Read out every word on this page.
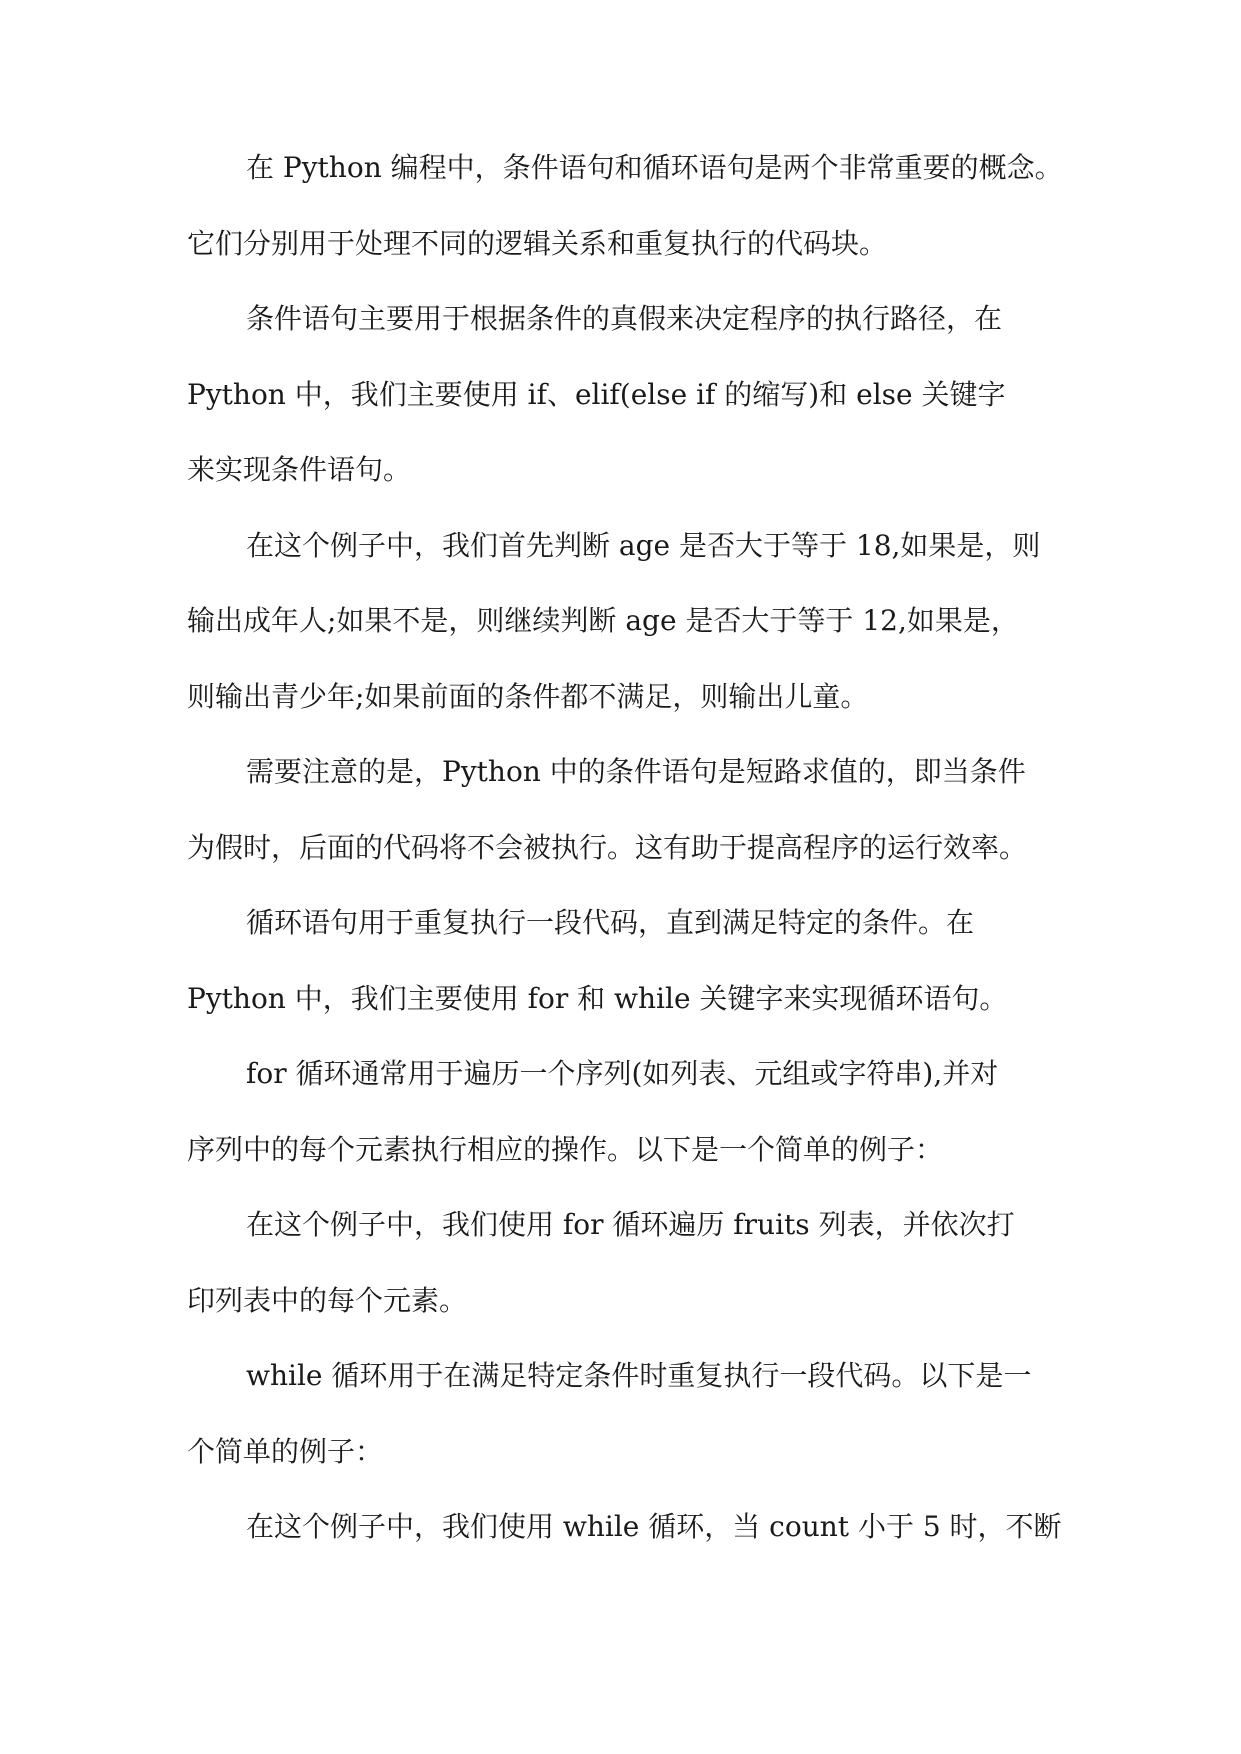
在 Python 编程中，条件语句和循环语句是两个非常重要的概念。
它们分别用于处理不同的逻辑关系和重复执行的代码块。
条件语句主要用于根据条件的真假来决定程序的执行路径，在
Python 中，我们主要使用 if、elif(else if 的缩写)和 else 关键字
来实现条件语句。
在这个例子中，我们首先判断 age 是否大于等于 18,如果是，则
输出成年人;如果不是，则继续判断 age 是否大于等于 12,如果是，
则输出青少年;如果前面的条件都不满足，则输出儿童。
需要注意的是，Python 中的条件语句是短路求值的，即当条件
为假时，后面的代码将不会被执行。这有助于提高程序的运行效率。
循环语句用于重复执行一段代码，直到满足特定的条件。在
Python 中，我们主要使用 for 和 while 关键字来实现循环语句。
for 循环通常用于遍历一个序列(如列表、元组或字符串),并对
序列中的每个元素执行相应的操作。以下是一个简单的例子：
在这个例子中，我们使用 for 循环遍历 fruits 列表，并依次打
印列表中的每个元素。
while 循环用于在满足特定条件时重复执行一段代码。以下是一
个简单的例子：
在这个例子中，我们使用 while 循环，当 count 小于 5 时，不断
